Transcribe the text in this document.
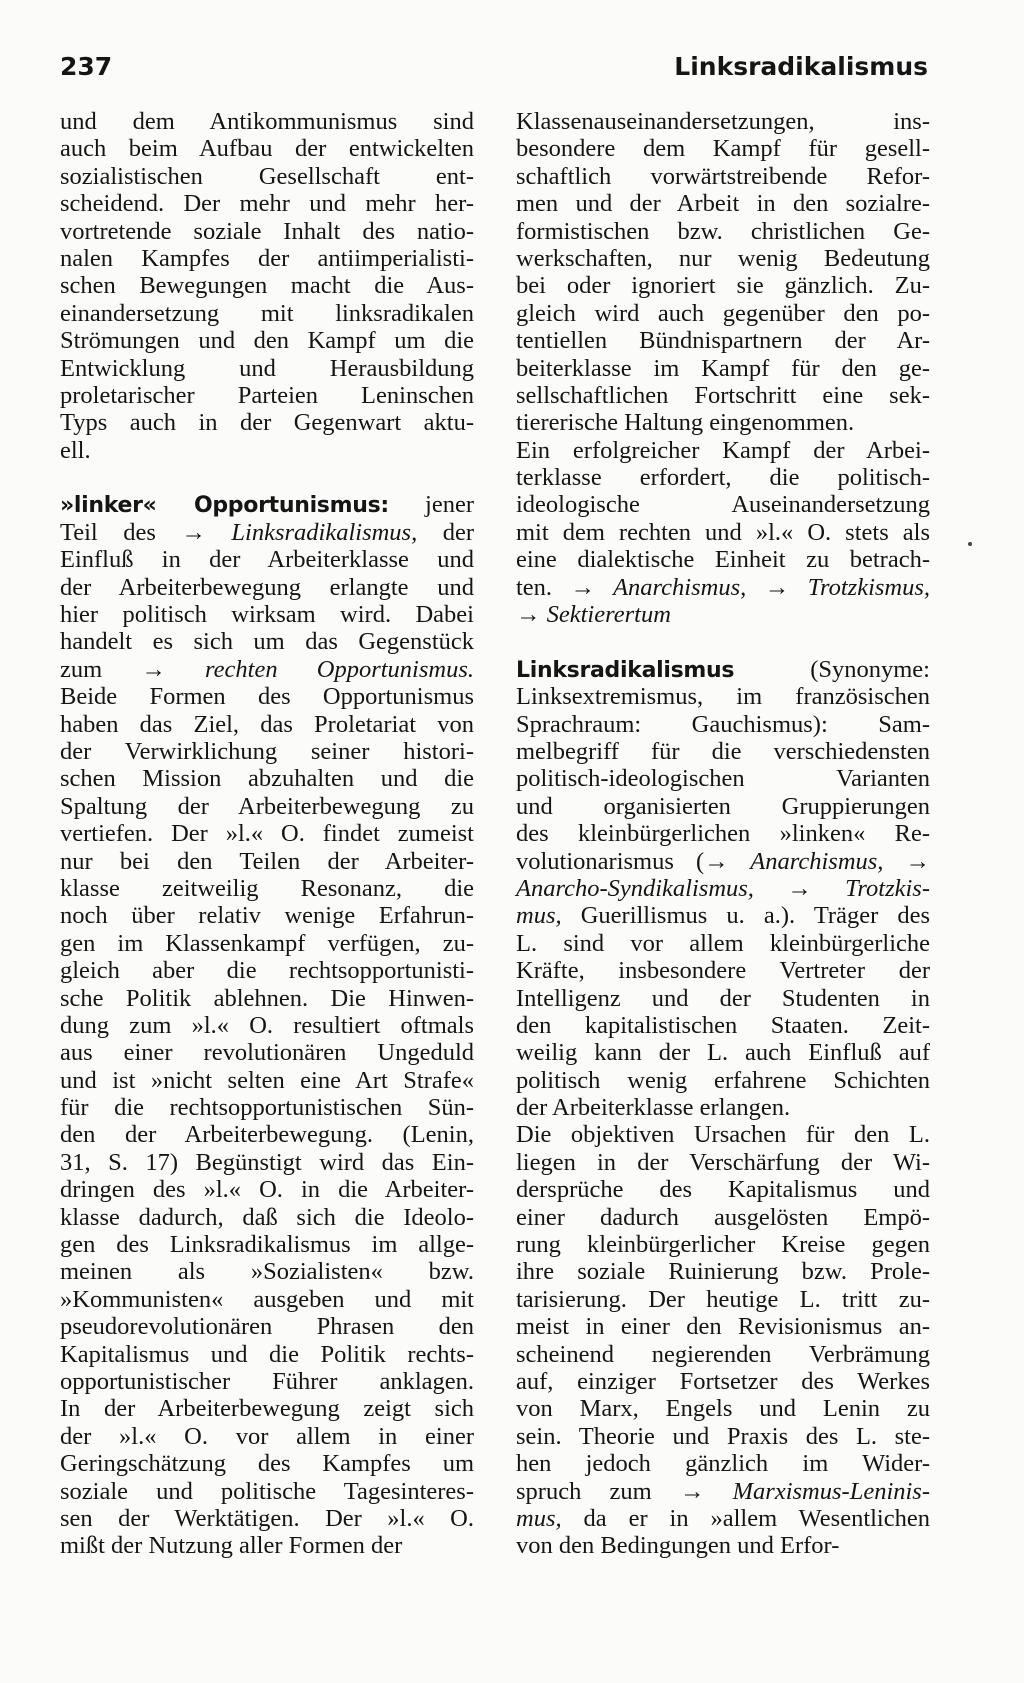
237	Linksradikalismus
und dem Antikommunismus sind
auch beim Aufbau der entwickelten
sozialistischen Gesellschaft ent-
scheidend. Der mehr und mehr her-
vortretende soziale Inhalt des natio-
nalen Kampfes der antiimperialisti-
schen Bewegungen macht die Aus-
einandersetzung mit linksradikalen
Strömungen und den Kampf um die
Entwicklung und Herausbildung
proletarischer Parteien Leninschen
Typs auch in der Gegenwart aktu-
ell.
»linker« Opportunismus: jener
Teil des → Linksradikalismus, der
Einfluß in der Arbeiterklasse und
der Arbeiterbewegung erlangte und
hier politisch wirksam wird. Dabei
handelt es sich um das Gegenstück
zum → rechten Opportunismus.
Beide Formen des Opportunismus
haben das Ziel, das Proletariat von
der Verwirklichung seiner histori-
schen Mission abzuhalten und die
Spaltung der Arbeiterbewegung zu
vertiefen. Der »l.« O. findet zumeist
nur bei den Teilen der Arbeiter-
klasse zeitweilig Resonanz, die
noch über relativ wenige Erfahrun-
gen im Klassenkampf verfügen, zu-
gleich aber die rechtsopportunisti-
sche Politik ablehnen. Die Hinwen-
dung zum »l.« O. resultiert oftmals
aus einer revolutionären Ungeduld
und ist »nicht selten eine Art Strafe«
für die rechtsopportunistischen Sün-
den der Arbeiterbewegung. (Lenin,
31, S. 17) Begünstigt wird das Ein-
dringen des »l.« O. in die Arbeiter-
klasse dadurch, daß sich die Ideolo-
gen des Linksradikalismus im allge-
meinen als »Sozialisten« bzw.
»Kommunisten« ausgeben und mit
pseudorevolutionären Phrasen den
Kapitalismus und die Politik rechts-
opportunistischer Führer anklagen.
In der Arbeiterbewegung zeigt sich
der »l.« O. vor allem in einer
Geringschätzung des Kampfes um
soziale und politische Tagesinteres-
sen der Werktätigen. Der »l.« O.
mißt der Nutzung aller Formen der
Klassenauseinandersetzungen, ins-
besondere dem Kampf für gesell-
schaftlich vorwärtstreibende Refor-
men und der Arbeit in den sozialre-
formistischen bzw. christlichen Ge-
werkschaften, nur wenig Bedeutung
bei oder ignoriert sie gänzlich. Zu-
gleich wird auch gegenüber den po-
tentiellen Bündnispartnern der Ar-
beiterklasse im Kampf für den ge-
sellschaftlichen Fortschritt eine sek-
tiererische Haltung eingenommen.
Ein erfolgreicher Kampf der Arbei-
terklasse erfordert, die politisch-
ideologische Auseinandersetzung
mit dem rechten und »l.« O. stets als
eine dialektische Einheit zu betrach-
ten. → Anarchismus, → Trotzkismus,
→ Sektierertum
Linksradikalismus (Synonyme:
Linksextremismus, im französischen
Sprachraum: Gauchismus): Sam-
melbegriff für die verschiedensten
politisch-ideologischen Varianten
und organisierten Gruppierungen
des kleinbürgerlichen »linken« Re-
volutionarismus (→ Anarchismus, →
Anarcho-Syndikalismus, → Trotzkis-
mus, Guerillismus u. a.). Träger des
L. sind vor allem kleinbürgerliche
Kräfte, insbesondere Vertreter der
Intelligenz und der Studenten in
den kapitalistischen Staaten. Zeit-
weilig kann der L. auch Einfluß auf
politisch wenig erfahrene Schichten
der Arbeiterklasse erlangen.
Die objektiven Ursachen für den L.
liegen in der Verschärfung der Wi-
dersprüche des Kapitalismus und
einer dadurch ausgelösten Empö-
rung kleinbürgerlicher Kreise gegen
ihre soziale Ruinierung bzw. Prole-
tarisierung. Der heutige L. tritt zu-
meist in einer den Revisionismus an-
scheinend negierenden Verbrämung
auf, einziger Fortsetzer des Werkes
von Marx, Engels und Lenin zu
sein. Theorie und Praxis des L. ste-
hen jedoch gänzlich im Wider-
spruch zum → Marxismus-Leninis-
mus, da er in »allem Wesentlichen
von den Bedingungen und Erfor-
